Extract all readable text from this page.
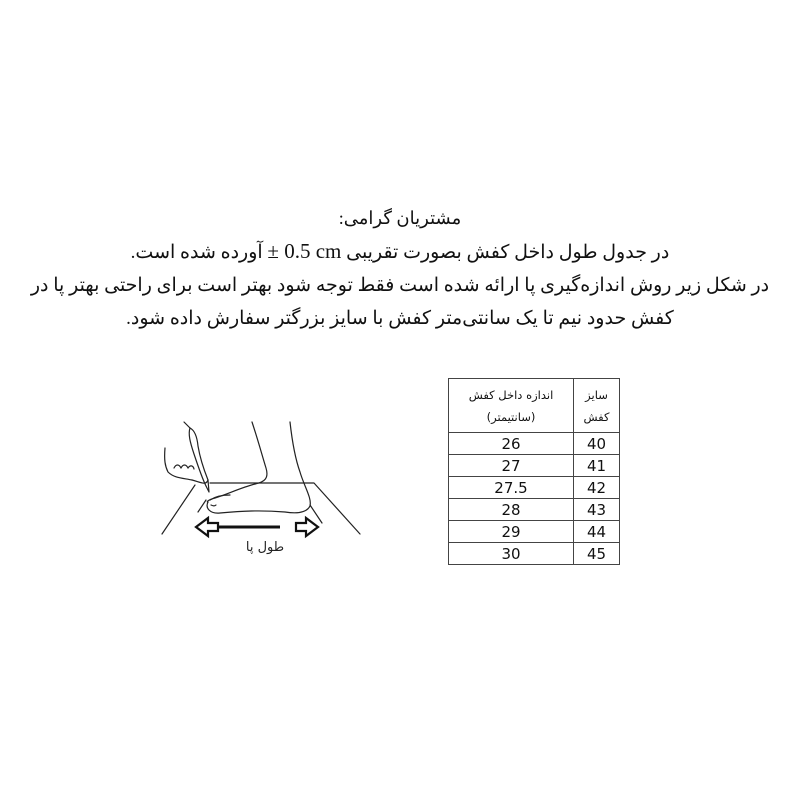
مشتریان گرامی:
در جدول طول داخل کفش بصورت تقریبی ± 0.5 cm آورده شده است.
در شکل زیر روش اندازه‌گیری پا ارائه شده است فقط توجه شود بهتر است برای راحتی بهتر پا در
کفش حدود نیم تا یک سانتی‌متر کفش با سایز بزرگتر سفارش داده شود.
طول پا
سایز کفش	اندازه داخل کفش
(سانتیمتر)

40	26
41	27
42	27.5
43	28
44	29
45	30
